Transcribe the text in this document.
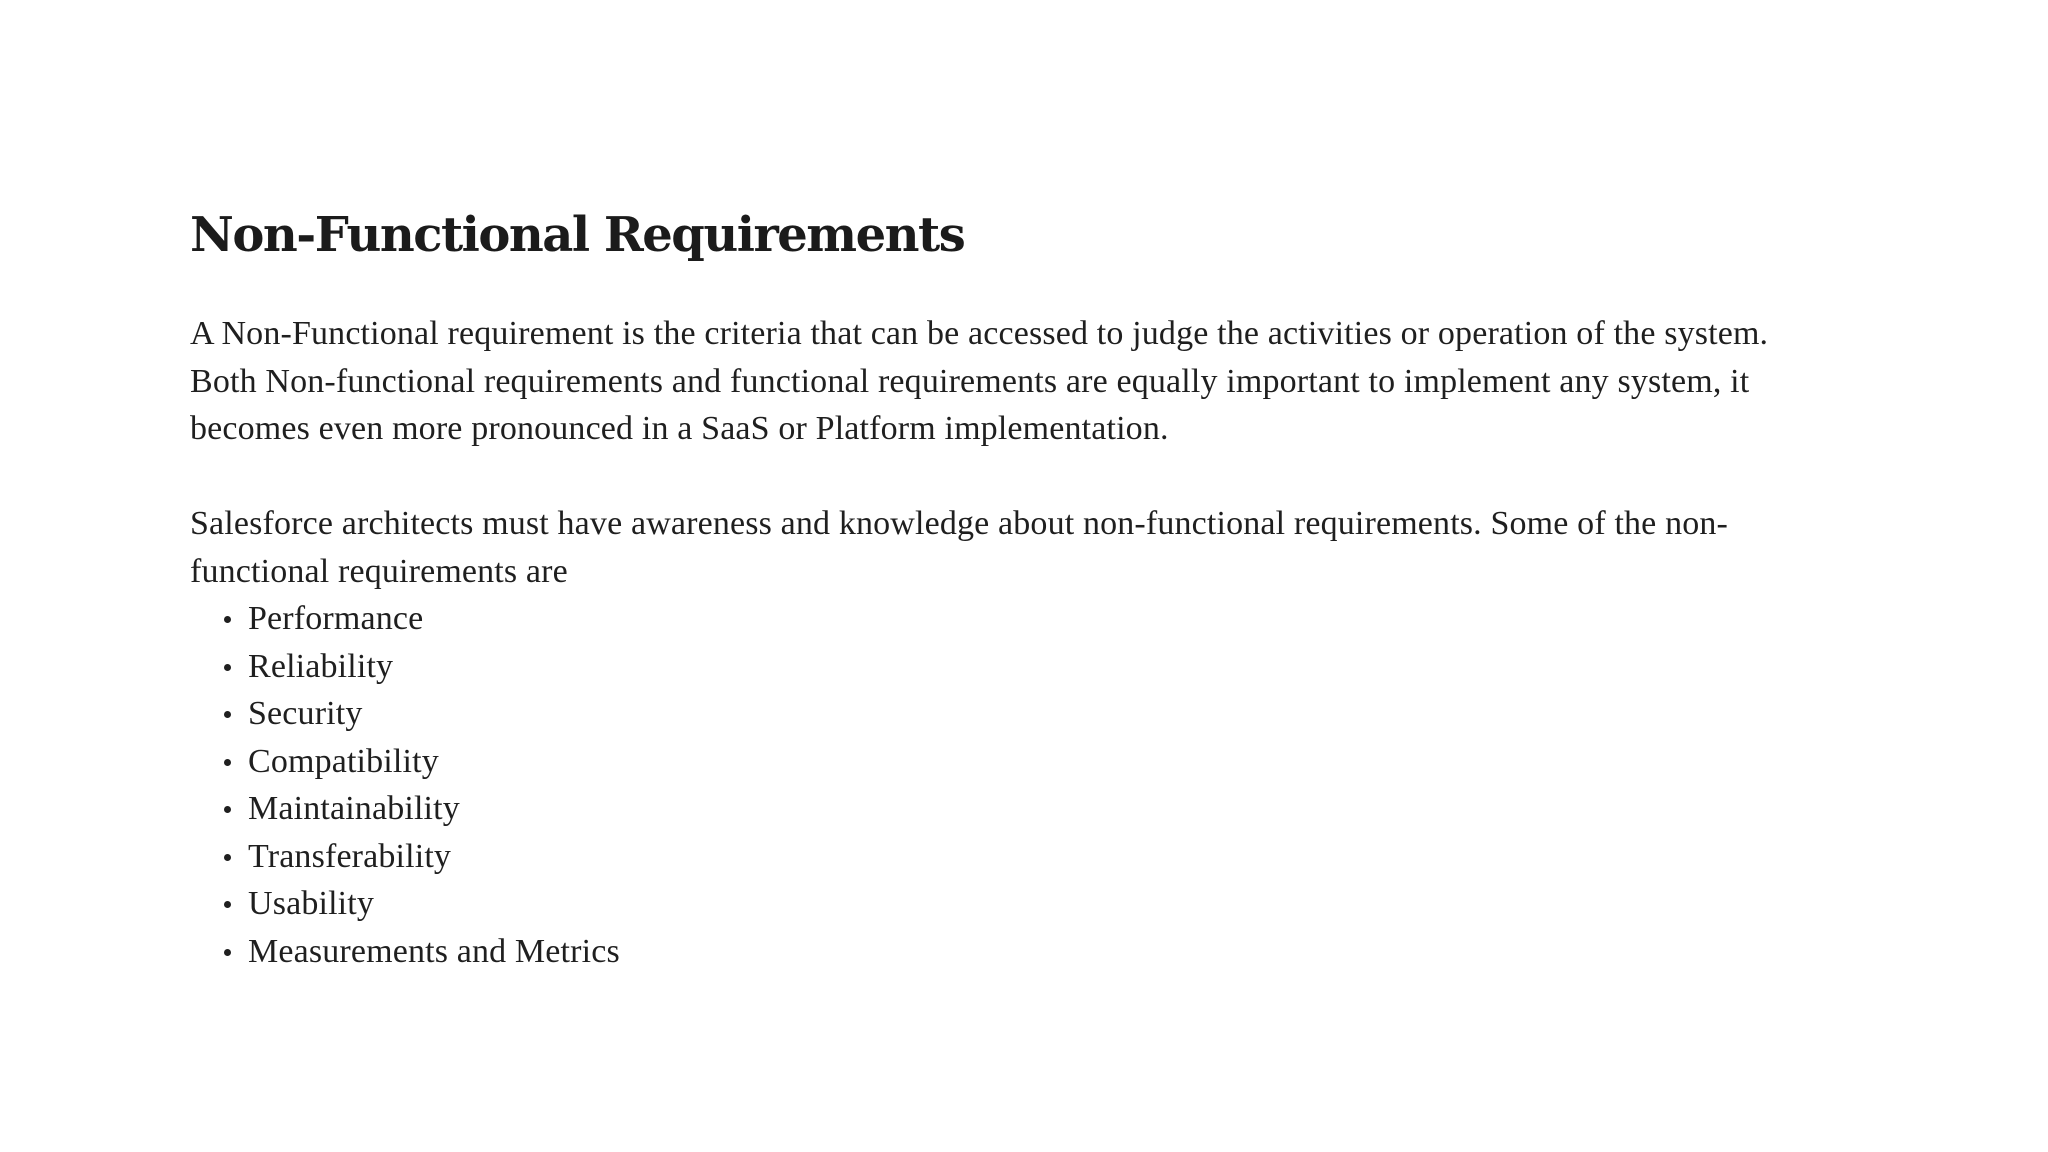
Non-Functional Requirements

A Non-Functional requirement is the criteria that can be accessed to judge the activities or operation of the system. Both Non-functional requirements and functional requirements are equally important to implement any system, it becomes even more pronounced in a SaaS or Platform implementation.

Salesforce architects must have awareness and knowledge about non-functional requirements. Some of the non-functional requirements are

Performance
Reliability
Security
Compatibility
Maintainability
Transferability
Usability
Measurements and Metrics
